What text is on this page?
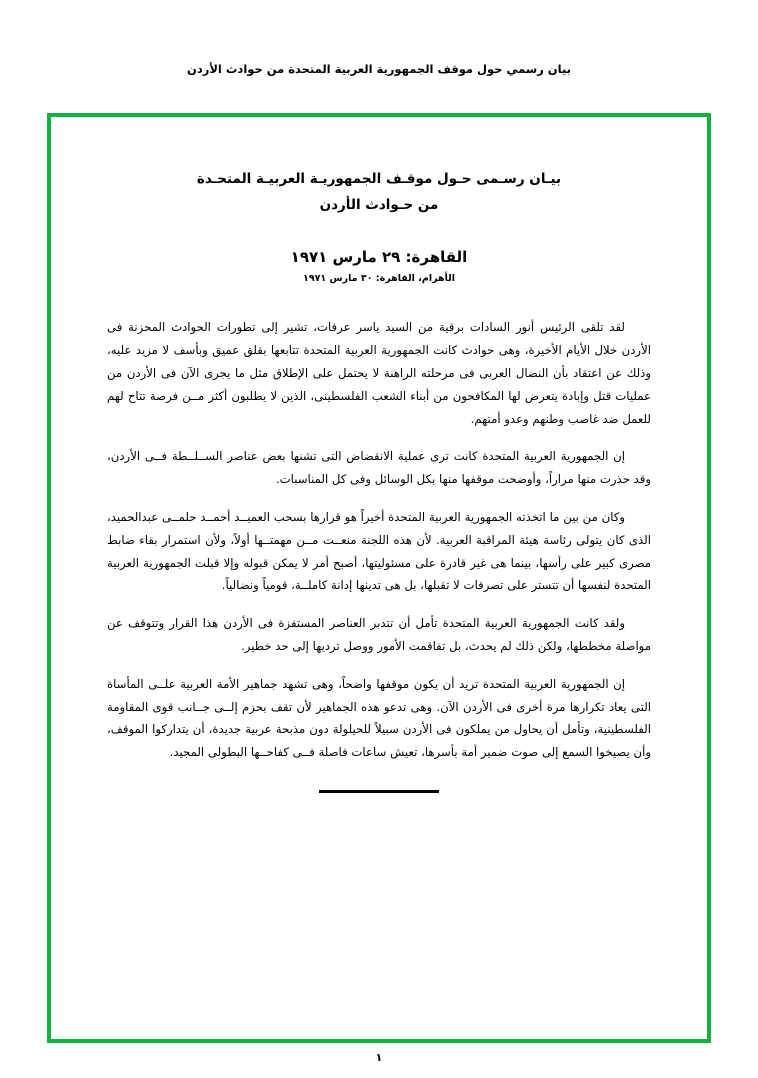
بيان رسمي حول موقف الجمهورية العربية المتحدة من حوادث الأردن
بيـان رسـمى حـول موقـف الجمهوريـة العربيـة المتحـدة
من حـوادث الأردن
القاهرة: ٢٩ مارس ١٩٧١
الأهرام، القاهرة: ٣٠ مارس ١٩٧١

لقد تلقى الرئيس أنور السادات برقية من السيد ياسر عرفات، تشير إلى تطورات الحوادث المحزنة فى الأردن خلال الأيام الأخيرة، وهى حوادث كانت الجمهورية العربية المتحدة تتابعها بقلق عميق وبأسف لا مزيد عليه، وذلك عن اعتقاد بأن النضال العربى فى مرحلته الراهنة لا يحتمل على الإطلاق مثل ما يجرى الآن فى الأردن من عمليات قتل وإبادة يتعرض لها المكافحون من أبناء الشعب الفلسطينى، الذين لا يطلبون أكثر مــن فرصة تتاح لهم للعمل ضد غاصب وطنهم وعدو أمتهم.

إن الجمهورية العربية المتحدة كانت ترى عملية الانقضاض التى تشنها بعض عناصر الســلــطة فــى الأردن، وقد حذرت منها مراراً، وأوضحت موقفها منها بكل الوسائل وفى كل المناسبات.

وكان من بين ما اتخذته الجمهورية العربية المتحدة أخيراً هو قرارها بسحب العميــد أحمــد حلمــى عبدالحميد، الذى كان يتولى رئاسة هيئة المراقبة العربية. لأن هذه اللجنة منعــت مــن مهمتــها أولاً، ولأن استمرار بقاء ضابط مصرى كبير على رأسها، بينما هى غير قادرة على مسئوليتها، أصبح أمر لا يمكن قبوله وإلا قبلت الجمهورية العربية المتحدة لنفسها أن تتستر على تصرفات لا تقبلها، بل هى تدينها إدانة كاملــة، قومياً ونضالياً.

ولقد كانت الجمهورية العربية المتحدة تأمل أن تتدبر العناصر المستفزة فى الأردن هذا القرار وتتوقف عن مواصلة مخططها، ولكن ذلك لم يحدث، بل تفاقمت الأمور ووصل ترديها إلى حد خطير.

إن الجمهورية العربية المتحدة تريد أن يكون موقفها واضحاً، وهى تشهد جماهير الأمة العربية علــى المأساة التى يعاد تكرارها مرة أخرى فى الأردن الآن. وهى تدعو هذه الجماهير لأن تقف بحزم إلــى جــانب قوى المقاومة الفلسطينية، وتأمل أن يحاول من يملكون فى الأردن سبيلاً للحيلولة دون مذبحة عربية جديدة، أن يتداركوا الموقف، وأن يصيخوا السمع إلى صوت ضمير أمة بأسرها، تعيش ساعات فاصلة فــى كفاحــها البطولى المجيد.

١
